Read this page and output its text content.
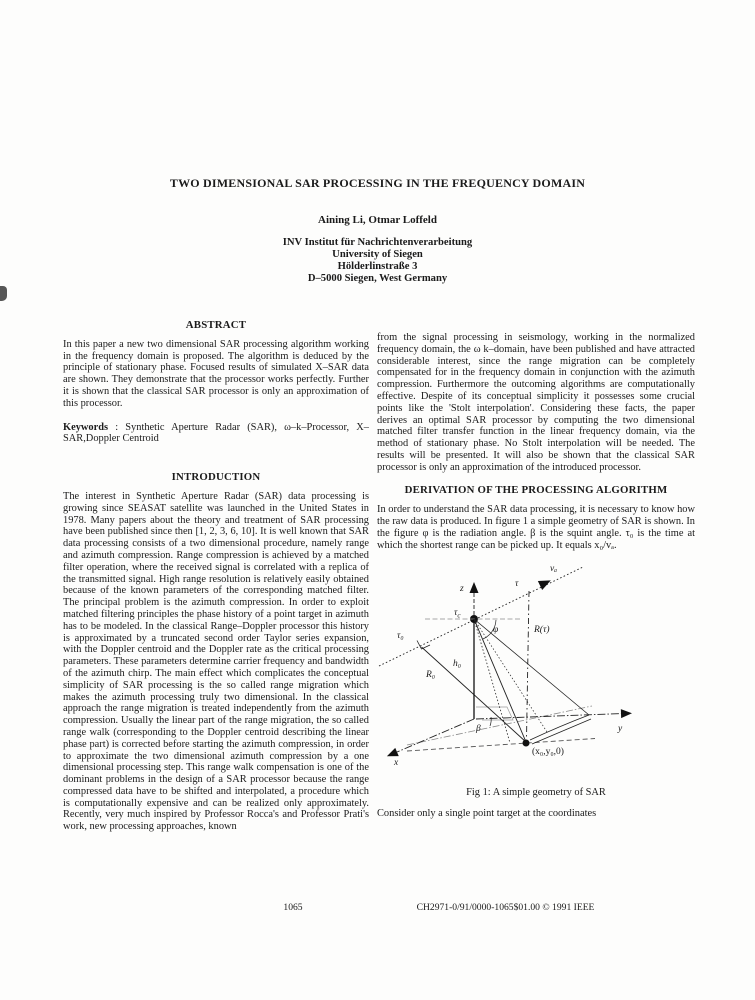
TWO DIMENSIONAL SAR PROCESSING IN THE FREQUENCY DOMAIN
Aining Li, Otmar Loffeld
INV Institut für Nachrichtenverarbeitung
University of Siegen
Hölderlinstraße 3
D–5000 Siegen, West Germany
ABSTRACT

In this paper a new two dimensional SAR processing algorithm working in the frequency domain is proposed. The algorithm is deduced by the principle of stationary phase. Focused results of simulated X–SAR data are shown. They demonstrate that the processor works perfectly. Further it is shown that the classical SAR processor is only an approximation of this processor.

Keywords : Synthetic Aperture Radar (SAR), ω–k–Processor, X–SAR,Doppler Centroid

INTRODUCTION

The interest in Synthetic Aperture Radar (SAR) data processing is growing since SEASAT satellite was launched in the United States in 1978. Many papers about the theory and treatment of SAR processing have been published since then [1, 2, 3, 6, 10]. It is well known that SAR data processing consists of a two dimensional procedure, namely range and azimuth compression. Range compression is achieved by a matched filter operation, where the received signal is correlated with a replica of the transmitted signal. High range resolution is relatively easily obtained because of the known parameters of the corresponding matched filter. The principal problem is the azimuth compression. In order to exploit matched filtering principles the phase history of a point target in azimuth has to be modeled. In the classical Range–Doppler processor this history is approximated by a truncated second order Taylor series expansion, with the Doppler centroid and the Doppler rate as the critical processing parameters. These parameters determine carrier frequency and bandwidth of the azimuth chirp. The main effect which complicates the conceptual simplicity of SAR processing is the so called range migration which makes the azimuth processing truly two dimensional. In the classical approach the range migration is treated independently from the azimuth compression. Usually the linear part of the range migration, the so called range walk (corresponding to the Doppler centroid describing the linear phase part) is corrected before starting the azimuth compression, in order to approximate the two dimensional azimuth compression by a one dimensional processing step. This range walk compensation is one of the dominant problems in the design of a SAR processor because the range compressed data have to be shifted and interpolated, a procedure which is computationally expensive and can be realized only approximately. Recently, very much inspired by Professor Rocca's and Professor Prati's work, new processing approaches, known

from the signal processing in seismology, working in the normalized frequency domain, the ω k–domain, have been published and have attracted considerable interest, since the range migration can be completely compensated for in the frequency domain in conjunction with the azimuth compression. Furthermore the outcoming algorithms are computationally effective. Despite of its conceptual simplicity it possesses some crucial points like the 'Stolt interpolation'. Considering these facts, the paper derives an optimal SAR processor by computing the two dimensional matched filter transfer function in the linear frequency domain, via the method of stationary phase. No Stolt interpolation will be needed. The results will be presented. It will also be shown that the classical SAR processor is only an approximation of the introduced processor.

DERIVATION OF THE PROCESSING ALGORITHM

In order to understand the SAR data processing, it is necessary to know how the raw data is produced. In figure 1 a simple geometry of SAR is shown. In the figure φ is the radiation angle. β is the squint angle. τ₀ is the time at which the shortest range can be picked up. It equals x₀/vₐ.

y
x
z
vₐ
τ₀
R₀
$\tau_c$
h₀
φ
τ
R(τ)
β
(x₀,y₀,0)
Fig 1: A simple geometry of SAR

Consider only a single point target at the coordinates

1065	CH2971-0/91/0000-1065$01.00 © 1991 IEEE
